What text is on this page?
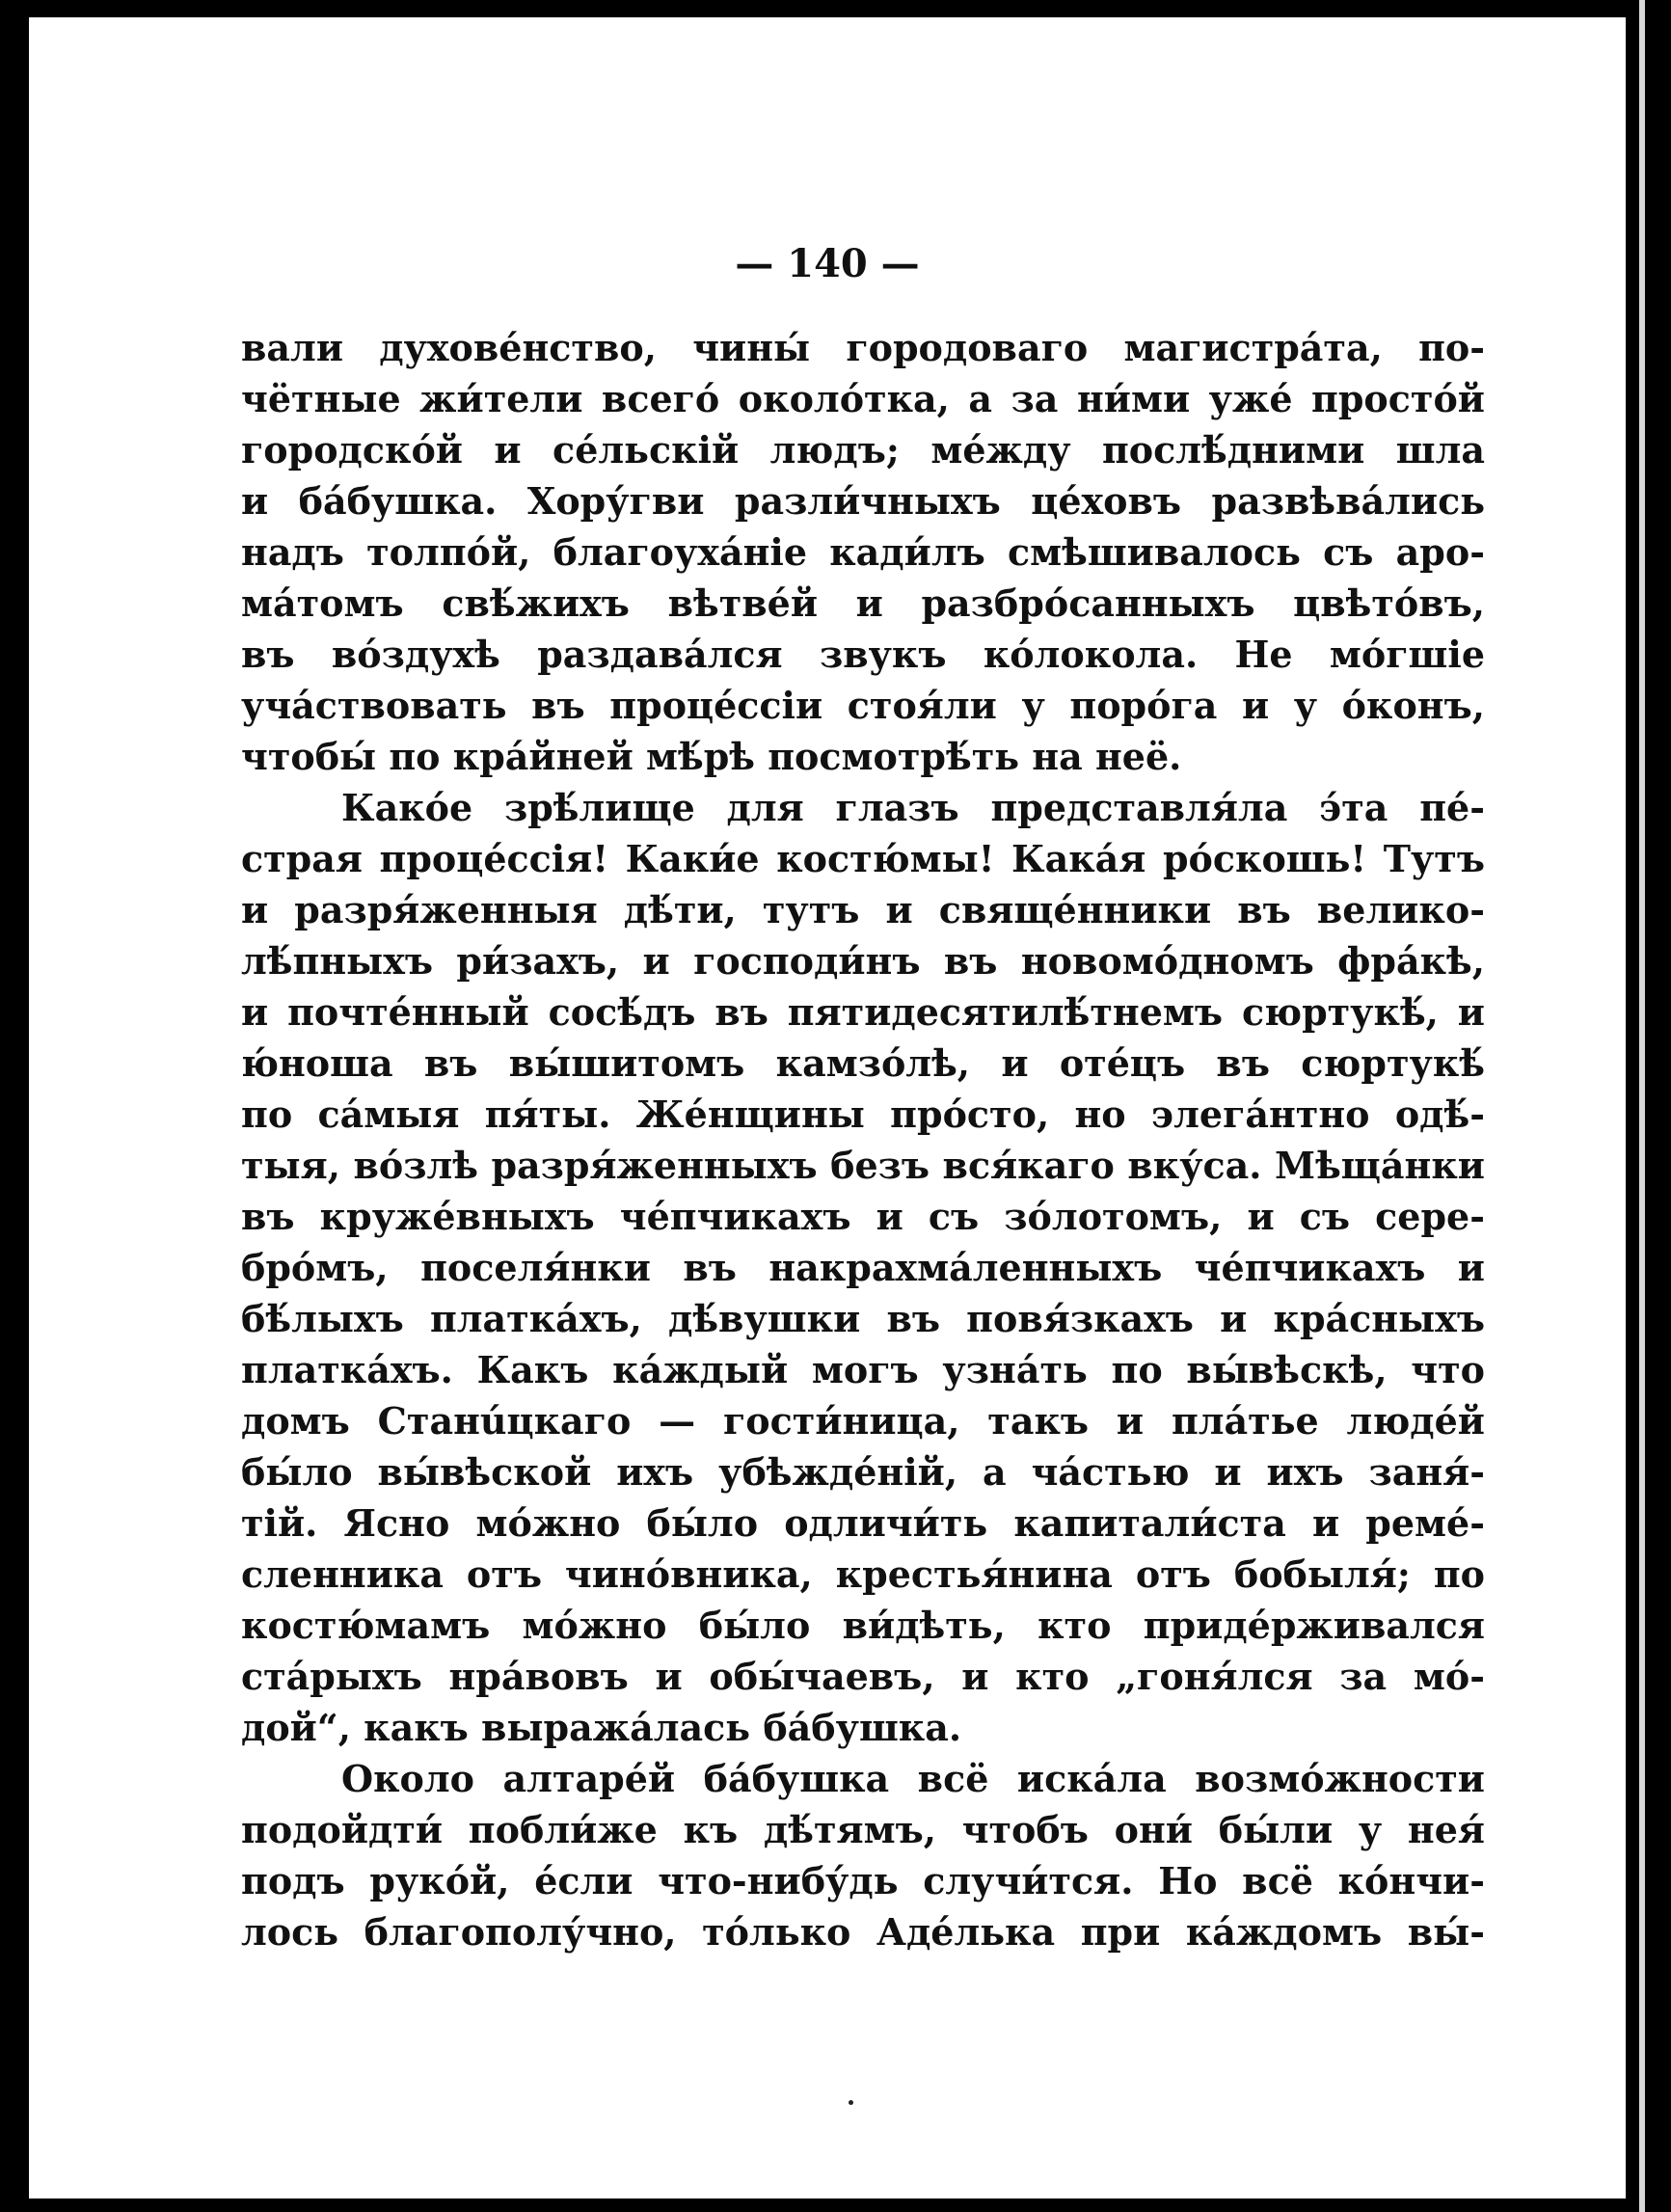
— 140 —
вали духовéнство, чины́ городоваго магистрáта, по-
чётные жи́тели всегó околóтка, а за ни́ми ужé простóй
городскóй и сéльскій людъ; мéжду послѣ́дними шла
и бáбушка. Хору́гви разли́чныхъ цéховъ развѣвáлись
надъ толпóй, благоухáніе кади́лъ смѣшивалось съ аро-
мáтомъ свѣ́жихъ вѣтвéй и разбрóсанныхъ цвѣтóвъ,
въ вóздухѣ раздавáлся звукъ кóлокола. Не мóгшіе
учáствовать въ процéссіи стоя́ли у порóга и у óконъ,
чтобы́ по крáйней мѣ́рѣ посмотрѣ́ть на неё.
Какóе зрѣ́лище для глазъ представля́ла э́та пé-
страя процéссія! Каки́е костю́мы! Кака́я рóскошь! Тутъ
и разря́женныя дѣ́ти, тутъ и свящéнники въ велико-
лѣ́пныхъ ри́захъ, и господи́нъ въ новомóдномъ фрáкѣ,
и почтéнный сосѣ́дъ въ пятидесятилѣ́тнемъ сюртукѣ́, и
ю́ноша въ вы́шитомъ камзóлѣ, и отéцъ въ сюртукѣ́
по сáмыя пя́ты. Жéнщины прóсто, но элегáнтно одѣ́-
тыя, вóзлѣ разря́женныхъ безъ вся́каго вку́са. Мѣщáнки
въ кружéвныхъ чéпчикахъ и съ зóлотомъ, и съ сере-
брóмъ, поселя́нки въ накрахмáленныхъ чéпчикахъ и
бѣ́лыхъ платкáхъ, дѣ́вушки въ повя́зкахъ и крáсныхъ
платкáхъ. Какъ кáждый могъ узнáть по вы́вѣскѣ, что
домъ Станúцкаго — гости́ница, такъ и плáтье людéй
бы́ло вы́вѣской ихъ убѣждéній, а чáстью и ихъ заня́-
тій. Ясно мóжно бы́ло одличи́ть капитали́ста и ремé-
сленника отъ чинóвника, крестья́нина отъ бобыля́; по
костю́мамъ мóжно бы́ло ви́дѣть, кто придéрживался
стáрыхъ нрáвовъ и обы́чаевъ, и кто „гоня́лся за мó-
дой“, какъ выражáлась бáбушка.
Около алтарéй бáбушка всё искáла возмóжности
подойдти́ побли́же къ дѣ́тямъ, чтобъ они́ бы́ли у нея́
подъ рукóй, éсли что-нибу́дь случи́тся. Но всё кóнчи-
лось благополу́чно, тóлько Адéлька при кáждомъ вы́-
